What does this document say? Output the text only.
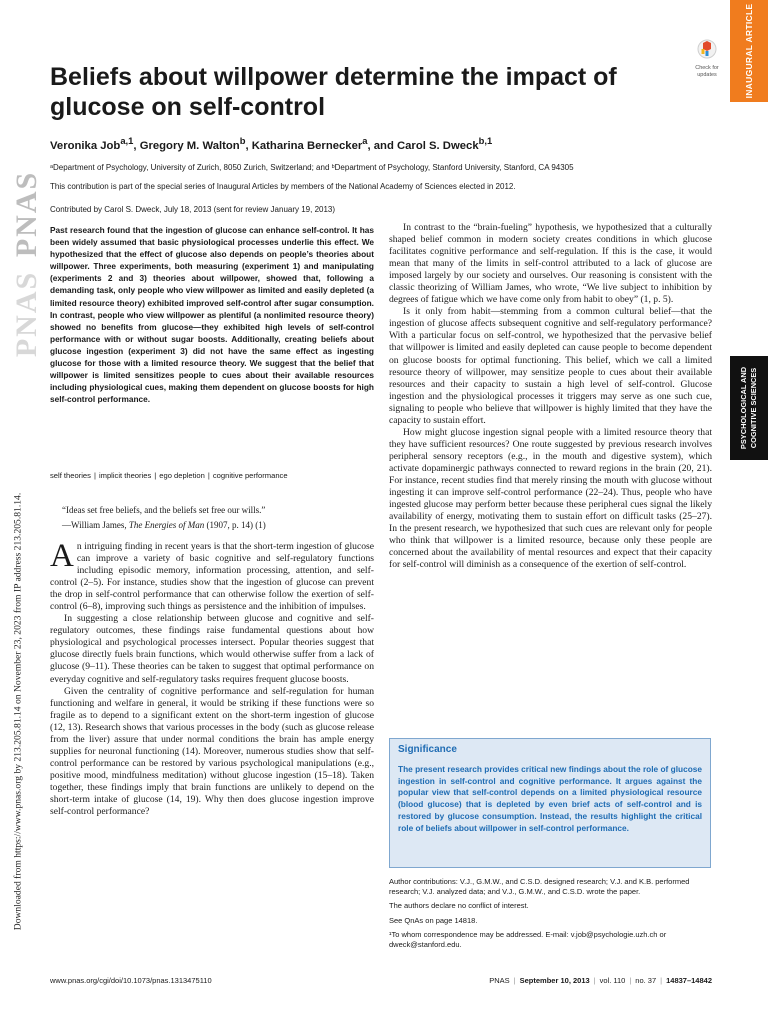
INAUGURAL ARTICLE
Check for
updates
PNAS
PNAS
Downloaded from https://www.pnas.org by 213.205.81.14 on November 23, 2023 from IP address 213.205.81.14.
Beliefs about willpower determine the impact of glucose on self-control
Veronika Job$^{a,1}$, Gregory M. Walton$^b$, Katharina Bernecker$^a$, and Carol S. Dweck$^{b,1}$
ᵃDepartment of Psychology, University of Zurich, 8050 Zurich, Switzerland; and ᵇDepartment of Psychology, Stanford University, Stanford, CA 94305
This contribution is part of the special series of Inaugural Articles by members of the National Academy of Sciences elected in 2012.
Contributed by Carol S. Dweck, July 18, 2013 (sent for review January 19, 2013)
Past research found that the ingestion of glucose can enhance self-control. It has been widely assumed that basic physiological processes underlie this effect. We hypothesized that the effect of glucose also depends on people’s theories about willpower. Three experiments, both measuring (experiment 1) and manipulating (experiments 2 and 3) theories about willpower, showed that, following a demanding task, only people who view willpower as limited and easily depleted (a limited resource theory) exhibited improved self-control after sugar consumption. In contrast, people who view willpower as plentiful (a nonlimited resource theory) showed no benefits from glucose—they exhibited high levels of self-control performance with or without sugar boosts. Additionally, creating beliefs about glucose ingestion (experiment 3) did not have the same effect as ingesting glucose for those with a limited resource theory. We suggest that the belief that willpower is limited sensitizes people to cues about their available resources including physiological cues, making them dependent on glucose boosts for high self-control performance.
self theories | implicit theories | ego depletion | cognitive performance
“Ideas set free beliefs, and the beliefs set free our wills.”
—William James, The Energies of Man (1907, p. 14) (1)

An intriguing finding in recent years is that the short-term ingestion of glucose can improve a variety of basic cognitive and self-regulatory functions including episodic memory, information processing, attention, and self-control (2–5). For instance, studies show that the ingestion of glucose can prevent the drop in self-control performance that can otherwise follow the exertion of self-control (6–8), improving such things as persistence and the inhibition of impulses.

In suggesting a close relationship between glucose and cognitive and self-regulatory outcomes, these findings raise fundamental questions about how physiological and psychological processes intersect. Popular theories suggest that glucose directly fuels brain functions, which would otherwise suffer from a lack of glucose (9–11). These theories can be taken to suggest that optimal performance on everyday cognitive and self-regulatory tasks requires frequent glucose boosts.

Given the centrality of cognitive performance and self-regulation for human functioning and welfare in general, it would be striking if these functions were so fragile as to depend to a significant extent on the short-term ingestion of glucose (12, 13). Research shows that various processes in the body (such as glucose release from the liver) assure that under normal conditions the brain has ample energy supplies for neuronal functioning (14). Moreover, numerous studies show that self-control performance can be restored by various psychological manipulations (e.g., positive mood, mindfulness meditation) without glucose ingestion (15–18). Taken together, these findings imply that brain functions are unlikely to depend on the short-term intake of glucose (14, 19). Why then does glucose ingestion improve self-control performance?

In contrast to the “brain-fueling” hypothesis, we hypothesized that a culturally shaped belief common in modern society creates conditions in which glucose facilitates cognitive performance and self-regulation. If this is the case, it would mean that many of the limits in self-control attributed to a lack of glucose are imposed largely by our society and ourselves. Our reasoning is consistent with the classic theorizing of William James, who wrote, “We live subject to inhibition by degrees of fatigue which we have come only from habit to obey” (1, p. 5).

Is it only from habit—stemming from a common cultural belief—that the ingestion of glucose affects subsequent cognitive and self-regulatory performance? With a particular focus on self-control, we hypothesized that the pervasive belief that willpower is limited and easily depleted can cause people to become dependent on glucose boosts for optimal functioning. This belief, which we call a limited resource theory of willpower, may sensitize people to cues about their available resources and their capacity to sustain a high level of self-control. Glucose ingestion and the physiological processes it triggers may serve as one such cue, signaling to people who believe that willpower is highly limited that they have the capacity to sustain effort.

How might glucose ingestion signal people with a limited resource theory that they have sufficient resources? One route suggested by previous research involves peripheral sensory receptors (e.g., in the mouth and digestive system), which activate dopaminergic pathways connected to reward regions in the brain (20, 21). For instance, recent studies find that merely rinsing the mouth with glucose without ingesting it can improve self-control performance (22–24). Thus, people who have ingested glucose may perform better because these peripheral cues signal the likely availability of energy, motivating them to sustain effort on difficult tasks (25–27). In the present research, we hypothesized that such cues are relevant only for people who think that willpower is a limited resource, because only these people are concerned about the availability of mental resources and expect that their capacity for self-control will diminish as a consequence of the exertion of self-control.

PSYCHOLOGICAL AND
COGNITIVE SCIENCES
Significance
The present research provides critical new findings about the role of glucose ingestion in self-control and cognitive performance. It argues against the popular view that self-control depends on a limited physiological resource (blood glucose) that is depleted by even brief acts of self-control and is restored by glucose consumption. Instead, the results highlight the critical role of beliefs about willpower in self-control performance.
Author contributions: V.J., G.M.W., and C.S.D. designed research; V.J. and K.B. performed research; V.J. analyzed data; and V.J., G.M.W., and C.S.D. wrote the paper.
The authors declare no conflict of interest.
See QnAs on page 14818.
¹To whom correspondence may be addressed. E-mail: v.job@psychologie.uzh.ch or dweck@stanford.edu.
www.pnas.org/cgi/doi/10.1073/pnas.1313475110	PNAS | September 10, 2013 | vol. 110 | no. 37 | 14837–14842
